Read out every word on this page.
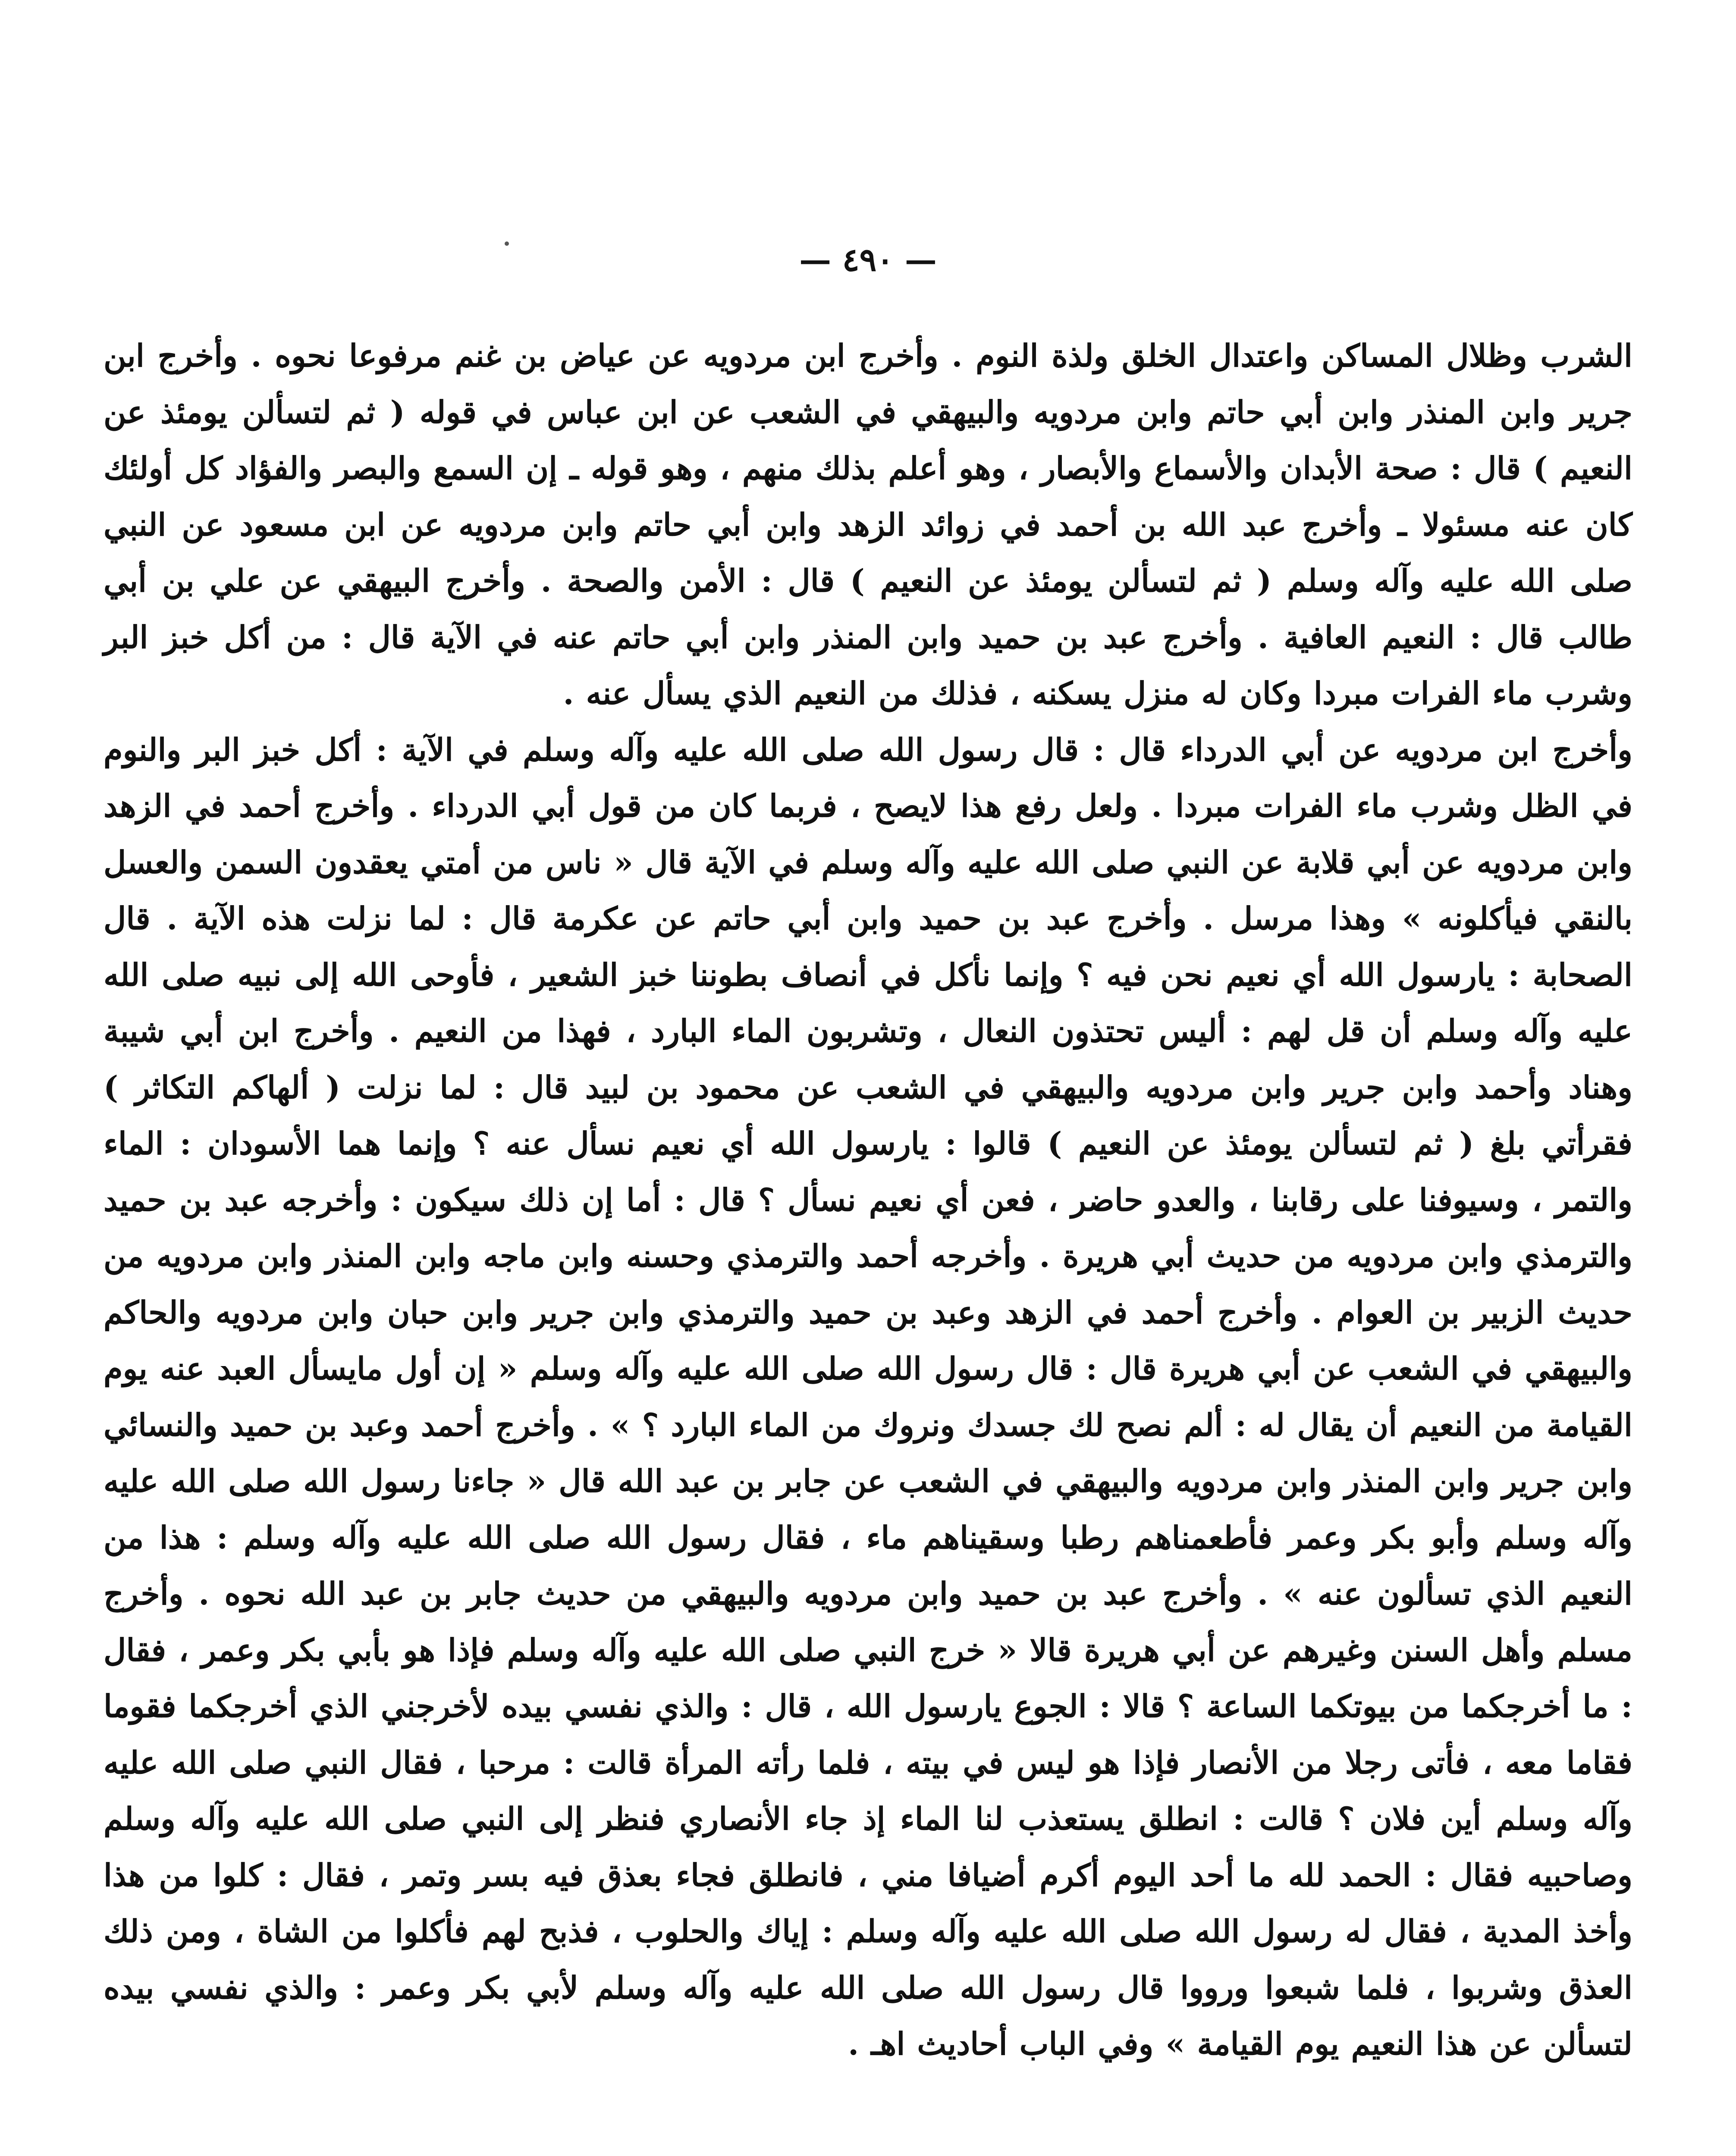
— ٤٩٠ —

الشرب وظلال المساكن واعتدال الخلق ولذة النوم . وأخرج ابن مردويه عن عياض بن غنم مرفوعا نحوه . وأخرج ابن جرير وابن المنذر وابن أبي حاتم وابن مردويه والبيهقي في الشعب عن ابن عباس في قوله ( ثم لتسألن يومئذ عن النعيم ) قال : صحة الأبدان والأسماع والأبصار ، وهو أعلم بذلك منهم ، وهو قوله ـ إن السمع والبصر والفؤاد كل أولئك كان عنه مسئولا ـ وأخرج عبد الله بن أحمد في زوائد الزهد وابن أبي حاتم وابن مردويه عن ابن مسعود عن النبي صلى الله عليه وآله وسلم ( ثم لتسألن يومئذ عن النعيم ) قال : الأمن والصحة . وأخرج البيهقي عن علي بن أبي طالب قال : النعيم العافية . وأخرج عبد بن حميد وابن المنذر وابن أبي حاتم عنه في الآية قال : من أكل خبز البر وشرب ماء الفرات مبردا وكان له منزل يسكنه ، فذلك من النعيم الذي يسأل عنه .

وأخرج ابن مردويه عن أبي الدرداء قال : قال رسول الله صلى الله عليه وآله وسلم في الآية : أكل خبز البر والنوم في الظل وشرب ماء الفرات مبردا . ولعل رفع هذا لايصح ، فربما كان من قول أبي الدرداء . وأخرج أحمد في الزهد وابن مردويه عن أبي قلابة عن النبي صلى الله عليه وآله وسلم في الآية قال « ناس من أمتي يعقدون السمن والعسل بالنقي فيأكلونه » وهذا مرسل . وأخرج عبد بن حميد وابن أبي حاتم عن عكرمة قال : لما نزلت هذه الآية . قال الصحابة : يارسول الله أي نعيم نحن فيه ؟ وإنما نأكل في أنصاف بطوننا خبز الشعير ، فأوحى الله إلى نبيه صلى الله عليه وآله وسلم أن قل لهم : أليس تحتذون النعال ، وتشربون الماء البارد ، فهذا من النعيم . وأخرج ابن أبي شيبة وهناد وأحمد وابن جرير وابن مردويه والبيهقي في الشعب عن محمود بن لبيد قال : لما نزلت ( ألهاكم التكاثر ) فقرأتي بلغ ( ثم لتسألن يومئذ عن النعيم ) قالوا : يارسول الله أي نعيم نسأل عنه ؟ وإنما هما الأسودان : الماء والتمر ، وسيوفنا على رقابنا ، والعدو حاضر ، فعن أي نعيم نسأل ؟ قال : أما إن ذلك سيكون : وأخرجه عبد بن حميد والترمذي وابن مردويه من حديث أبي هريرة . وأخرجه أحمد والترمذي وحسنه وابن ماجه وابن المنذر وابن مردويه من حديث الزبير بن العوام . وأخرج أحمد في الزهد وعبد بن حميد والترمذي وابن جرير وابن حبان وابن مردويه والحاكم والبيهقي في الشعب عن أبي هريرة قال : قال رسول الله صلى الله عليه وآله وسلم « إن أول مايسأل العبد عنه يوم القيامة من النعيم أن يقال له : ألم نصح لك جسدك ونروك من الماء البارد ؟ » . وأخرج أحمد وعبد بن حميد والنسائي وابن جرير وابن المنذر وابن مردويه والبيهقي في الشعب عن جابر بن عبد الله قال « جاءنا رسول الله صلى الله عليه وآله وسلم وأبو بكر وعمر فأطعمناهم رطبا وسقيناهم ماء ، فقال رسول الله صلى الله عليه وآله وسلم : هذا من النعيم الذي تسألون عنه » . وأخرج عبد بن حميد وابن مردويه والبيهقي من حديث جابر بن عبد الله نحوه . وأخرج مسلم وأهل السنن وغيرهم عن أبي هريرة قالا « خرج النبي صلى الله عليه وآله وسلم فإذا هو بأبي بكر وعمر ، فقال : ما أخرجكما من بيوتكما الساعة ؟ قالا : الجوع يارسول الله ، قال : والذي نفسي بيده لأخرجني الذي أخرجكما فقوما فقاما معه ، فأتى رجلا من الأنصار فإذا هو ليس في بيته ، فلما رأته المرأة قالت : مرحبا ، فقال النبي صلى الله عليه وآله وسلم أين فلان ؟ قالت : انطلق يستعذب لنا الماء إذ جاء الأنصاري فنظر إلى النبي صلى الله عليه وآله وسلم وصاحبيه فقال : الحمد لله ما أحد اليوم أكرم أضيافا مني ، فانطلق فجاء بعذق فيه بسر وتمر ، فقال : كلوا من هذا وأخذ المدية ، فقال له رسول الله صلى الله عليه وآله وسلم : إياك والحلوب ، فذبح لهم فأكلوا من الشاة ، ومن ذلك العذق وشربوا ، فلما شبعوا ورووا قال رسول الله صلى الله عليه وآله وسلم لأبي بكر وعمر : والذي نفسي بيده لتسألن عن هذا النعيم يوم القيامة » وفي الباب أحاديث اهـ .
